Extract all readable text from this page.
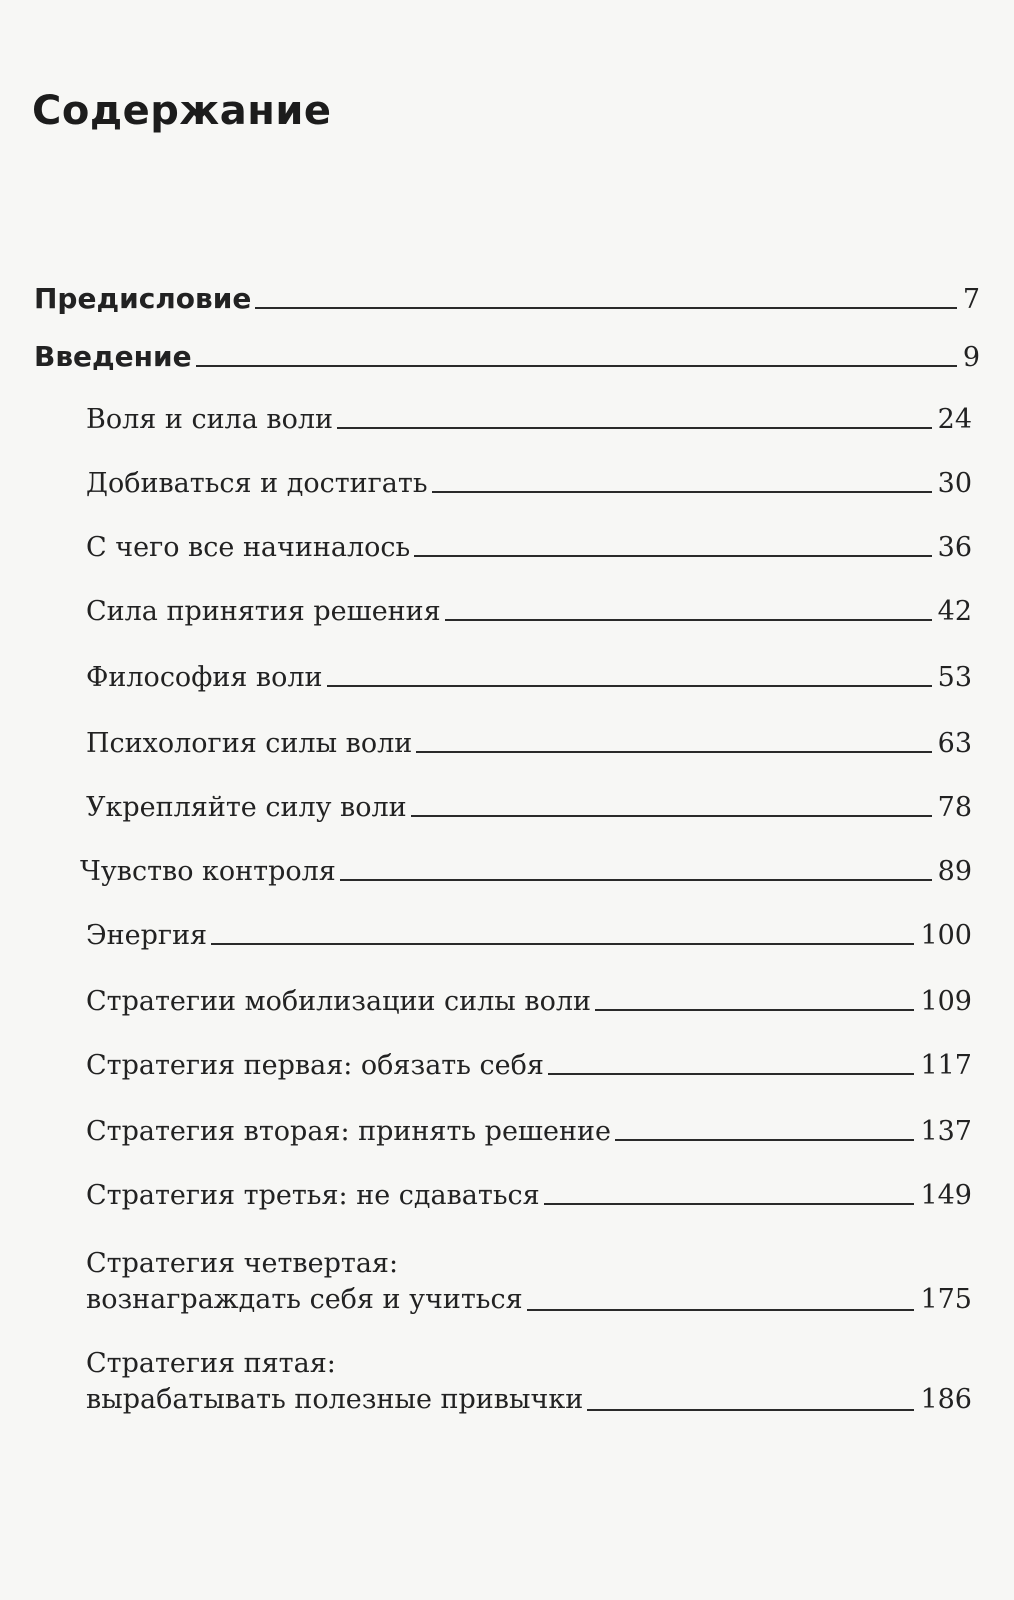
Содержание
Предисловие	7
Введение	9
Воля и сила воли	24
Добиваться и достигать	30
С чего все начиналось	36
Сила принятия решения	42
Философия воли	53
Психология силы воли	63
Укрепляйте силу воли	78
Чувство контроля	89
Энергия	100
Стратегии мобилизации силы воли	109
Стратегия первая: обязать себя	117
Стратегия вторая: принять решение	137
Стратегия третья: не сдаваться	149
Стратегия четвертая:
вознаграждать себя и учиться	175
Стратегия пятая:
вырабатывать полезные привычки	186
